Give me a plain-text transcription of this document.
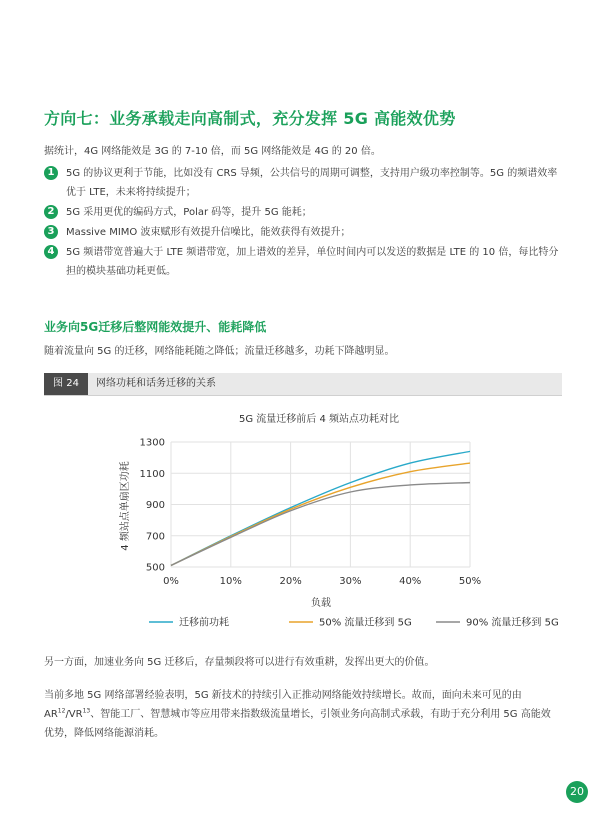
方向七：业务承载走向高制式，充分发挥 5G 高能效优势

据统计，4G 网络能效是 3G 的 7-10 倍，而 5G 网络能效是 4G 的 20 倍。

1	5G 的协议更利于节能，比如没有 CRS 导频，公共信号的周期可调整，支持用户级功率控制等。5G 的频谱效率优于 LTE，未来将持续提升；
2	5G 采用更优的编码方式，Polar 码等，提升 5G 能耗；
3	Massive MIMO 波束赋形有效提升信噪比，能效获得有效提升；
4	5G 频谱带宽普遍大于 LTE 频谱带宽，加上谱效的差异，单位时间内可以发送的数据是 LTE 的 10 倍，每比特分担的模块基础功耗更低。
业务向5G迁移后整网能效提升、能耗降低

随着流量向 5G 的迁移，网络能耗随之降低；流量迁移越多，功耗下降越明显。

图 24	网络功耗和话务迁移的关系
5G 流量迁移前后 4 频站点功耗对比
500
700
900
1100
1300
0%	10%	20%	30%	40%	50%
负载
4 频站点单扇区功耗
迁移前功耗	50% 流量迁移到 5G	90% 流量迁移到 5G

另一方面，加速业务向 5G 迁移后，存量频段将可以进行有效重耕，发挥出更大的价值。

当前多地 5G 网络部署经验表明，5G 新技术的持续引入正推动网络能效持续增长。故而，面向未来可见的由 AR$^{12}$/VR$^{13}$、智能工厂、智慧城市等应用带来指数级流量增长，引领业务向高制式承载，有助于充分利用 5G 高能效优势，降低网络能源消耗。

20
